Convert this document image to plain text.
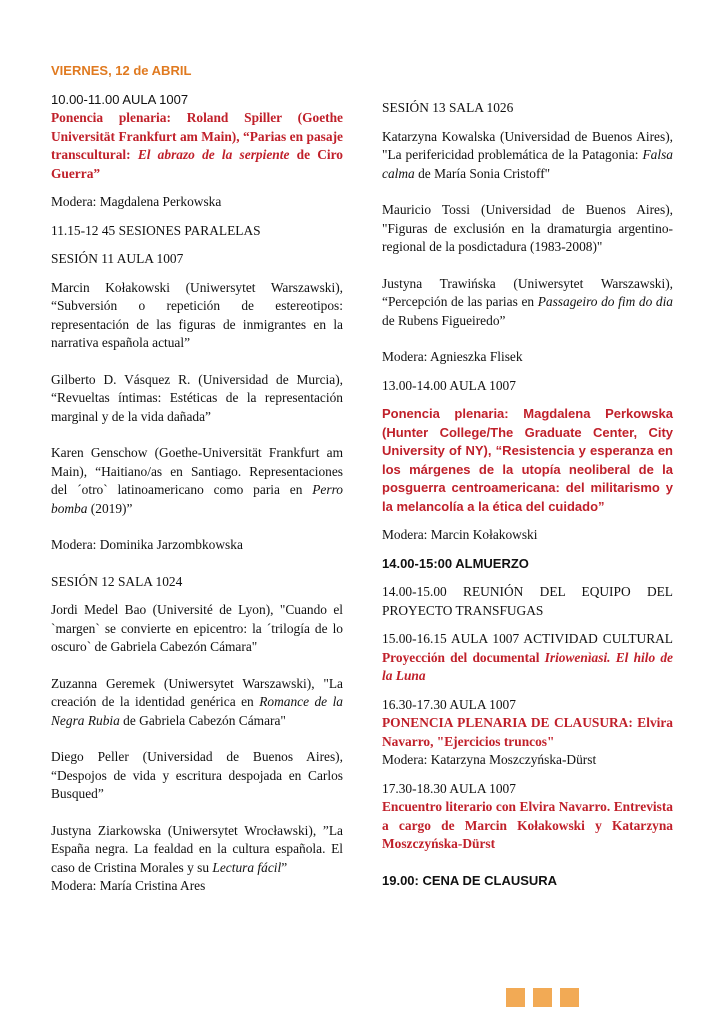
VIERNES, 12 de ABRIL

10.00-11.00 AULA 1007

Ponencia plenaria: Roland Spiller (Goethe Universität Frankfurt am Main), “Parias en pasaje transcultural: El abrazo de la serpiente de Ciro Guerra”

Modera: Magdalena Perkowska

11.15-12 45 SESIONES PARALELAS

SESIÓN 11 AULA 1007

Marcin Kołakowski (Uniwersytet Warszawski), “Subversión o repetición de estereotipos: representación de las figuras de inmigrantes en la narrativa española actual”

Gilberto D. Vásquez R. (Universidad de Murcia), “Revueltas íntimas: Estéticas de la representación marginal y de la vida dañada”

Karen Genschow (Goethe-Universität Frankfurt am Main), “Haitiano/as en Santiago. Representaciones del ´otro` latinoamericano como paria en Perro bomba (2019)”

Modera: Dominika Jarzombkowska

SESIÓN 12 SALA 1024

Jordi Medel Bao (Université de Lyon), "Cuando el `margen` se convierte en epicentro: la ´trilogía de lo oscuro` de Gabriela Cabezón Cámara"

Zuzanna Geremek (Uniwersytet Warszawski), "La creación de la identidad genérica en Romance de la Negra Rubia de Gabriela Cabezón Cámara"

Diego Peller (Universidad de Buenos Aires), “Despojos de vida y escritura despojada en Carlos Busqued”

Justyna Ziarkowska (Uniwersytet Wrocławski), ”La España negra. La fealdad en la cultura española. El caso de Cristina Morales y su Lectura fácil”

Modera: María Cristina Ares

SESIÓN 13 SALA 1026

Katarzyna Kowalska (Universidad de Buenos Aires), "La perifericidad problemática de la Patagonia: Falsa calma de María Sonia Cristoff"

Mauricio Tossi (Universidad de Buenos Aires), "Figuras de exclusión en la dramaturgia argentino-regional de la posdictadura (1983-2008)"

Justyna Trawińska (Uniwersytet Warszawski), “Percepción de las parias en Passageiro do fim do dia de Rubens Figueiredo”

Modera: Agnieszka Flisek

13.00-14.00 AULA 1007

Ponencia plenaria: Magdalena Perkowska (Hunter College/The Graduate Center, City University of NY), “Resistencia y esperanza en los márgenes de la utopía neoliberal de la posguerra centroamericana: del militarismo y la melancolía a la ética del cuidado”

Modera: Marcin Kołakowski

14.00-15:00 ALMUERZO

14.00-15.00 REUNIÓN DEL EQUIPO DEL PROYECTO TRANSFUGAS

15.00-16.15 AULA 1007 ACTIVIDAD CULTURAL Proyección del documental Iriowenìasi. El hilo de la Luna

16.30-17.30 AULA 1007

PONENCIA PLENARIA DE CLAUSURA: Elvira Navarro, "Ejercicios truncos"

Modera: Katarzyna Moszczyńska-Dürst

17.30-18.30 AULA 1007

Encuentro literario con Elvira Navarro. Entrevista a cargo de Marcin Kołakowski y Katarzyna Moszczyńska-Dürst

19.00: CENA DE CLAUSURA
